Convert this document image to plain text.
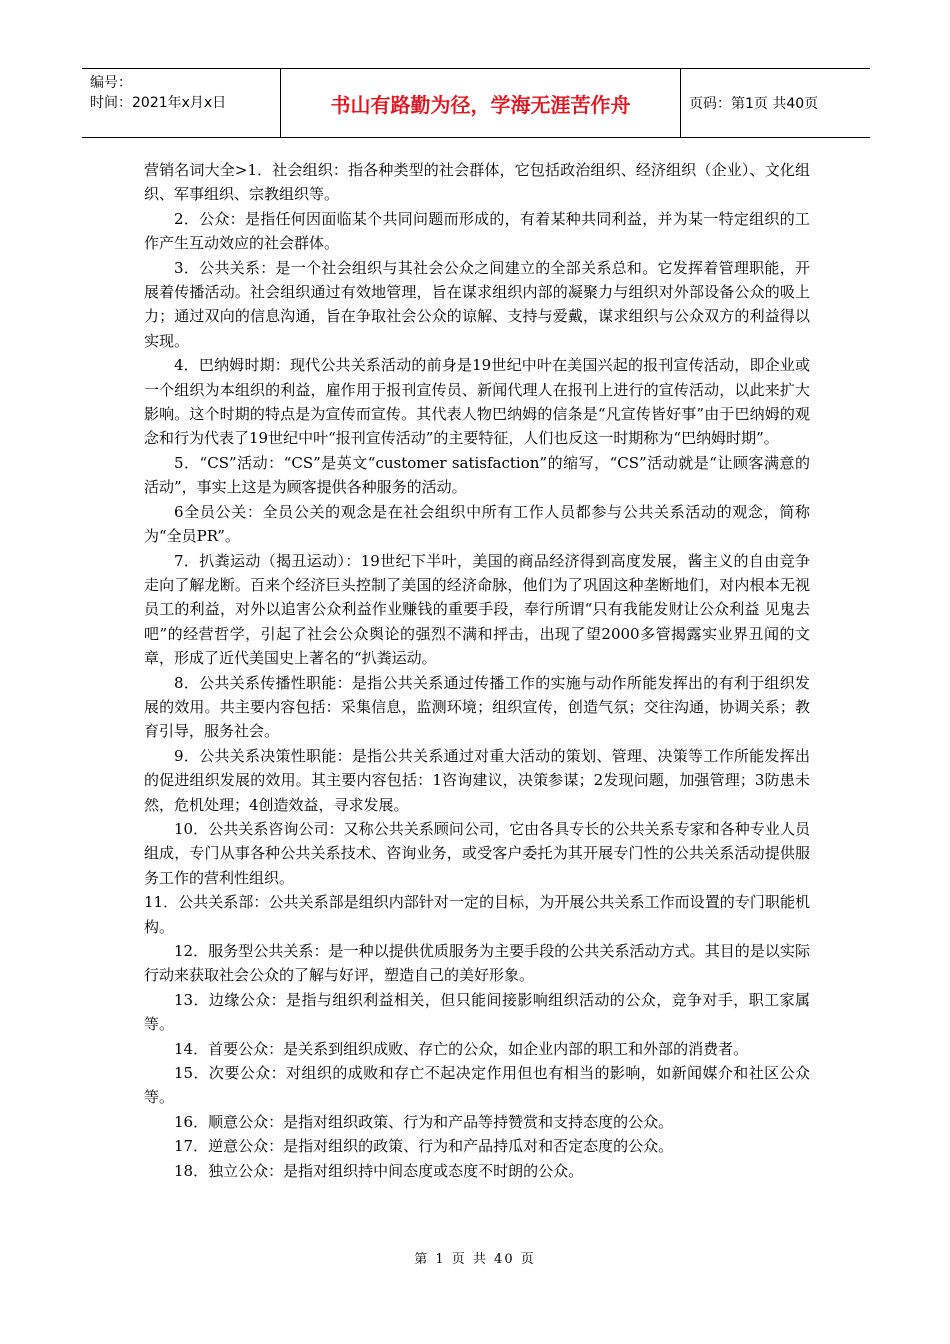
编号：
时间：2021年x月x日	书山有路勤为径，学海无涯苦作舟	页码：第1页 共40页

营销名词大全>1．社会组织：指各种类型的社会群体，它包括政治组织、经济组织（企业）、文化组织、军事组织、宗教组织等。

2．公众：是指任何因面临某个共同问题而形成的，有着某种共同利益，并为某一特定组织的工作产生互动效应的社会群体。

3．公共关系：是一个社会组织与其社会公众之间建立的全部关系总和。它发挥着管理职能，开展着传播活动。社会组织通过有效地管理，旨在谋求组织内部的凝聚力与组织对外部设备公众的吸上力；通过双向的信息沟通，旨在争取社会公众的谅解、支持与爱戴，谋求组织与公众双方的利益得以实现。

4．巴纳姆时期：现代公共关系活动的前身是19世纪中叶在美国兴起的报刊宣传活动，即企业或一个组织为本组织的利益，雇作用于报刊宣传员、新闻代理人在报刊上进行的宣传活动，以此来扩大影响。这个时期的特点是为宣传而宣传。其代表人物巴纳姆的信条是“凡宣传皆好事”由于巴纳姆的观念和行为代表了19世纪中叶“报刊宣传活动”的主要特征，人们也反这一时期称为“巴纳姆时期”。

5．“CS”活动：“CS”是英文“customer satisfaction”的缩写，“CS”活动就是“让顾客满意的活动”，事实上这是为顾客提供各种服务的活动。

6全员公关：全员公关的观念是在社会组织中所有工作人员都参与公共关系活动的观念，简称为“全员PR”。

7．扒粪运动（揭丑运动）：19世纪下半叶，美国的商品经济得到高度发展，酱主义的自由竞争走向了解龙断。百来个经济巨头控制了美国的经济命脉，他们为了巩固这种垄断地们，对内根本无视员工的利益，对外以追害公众利益作业赚钱的重要手段，奉行所谓“只有我能发财让公众利益 见鬼去吧”的经营哲学，引起了社会公众舆论的强烈不满和抨击，出现了望2000多管揭露实业界丑闻的文章，形成了近代美国史上著名的“扒粪运动。

8．公共关系传播性职能：是指公共关系通过传播工作的实施与动作所能发挥出的有利于组织发展的效用。共主要内容包括：采集信息，监测环境；组织宣传，创造气氛；交往沟通，协调关系；教育引导，服务社会。

9．公共关系决策性职能：是指公共关系通过对重大活动的策划、管理、决策等工作所能发挥出的促进组织发展的效用。其主要内容包括：1咨询建议，决策参谋；2发现问题，加强管理；3防患未然，危机处理；4创造效益，寻求发展。

10．公共关系咨询公司：又称公共关系顾问公司，它由各具专长的公共关系专家和各种专业人员组成，专门从事各种公共关系技术、咨询业务，或受客户委托为其开展专门性的公共关系活动提供服务工作的营利性组织。

11．公共关系部：公共关系部是组织内部针对一定的目标，为开展公共关系工作而设置的专门职能机构。

12．服务型公共关系：是一种以提供优质服务为主要手段的公共关系活动方式。其目的是以实际行动来获取社会公众的了解与好评，塑造自己的美好形象。

13．边缘公众：是指与组织利益相关，但只能间接影响组织活动的公众，竞争对手，职工家属等。

14．首要公众：是关系到组织成败、存亡的公众，如企业内部的职工和外部的消费者。

15．次要公众：对组织的成败和存亡不起决定作用但也有相当的影响，如新闻媒介和社区公众等。

16．顺意公众：是指对组织政策、行为和产品等持赞赏和支持态度的公众。

17．逆意公众：是指对组织的政策、行为和产品持瓜对和否定态度的公众。

18．独立公众：是指对组织持中间态度或态度不时朗的公众。

第 1 页 共 40 页
